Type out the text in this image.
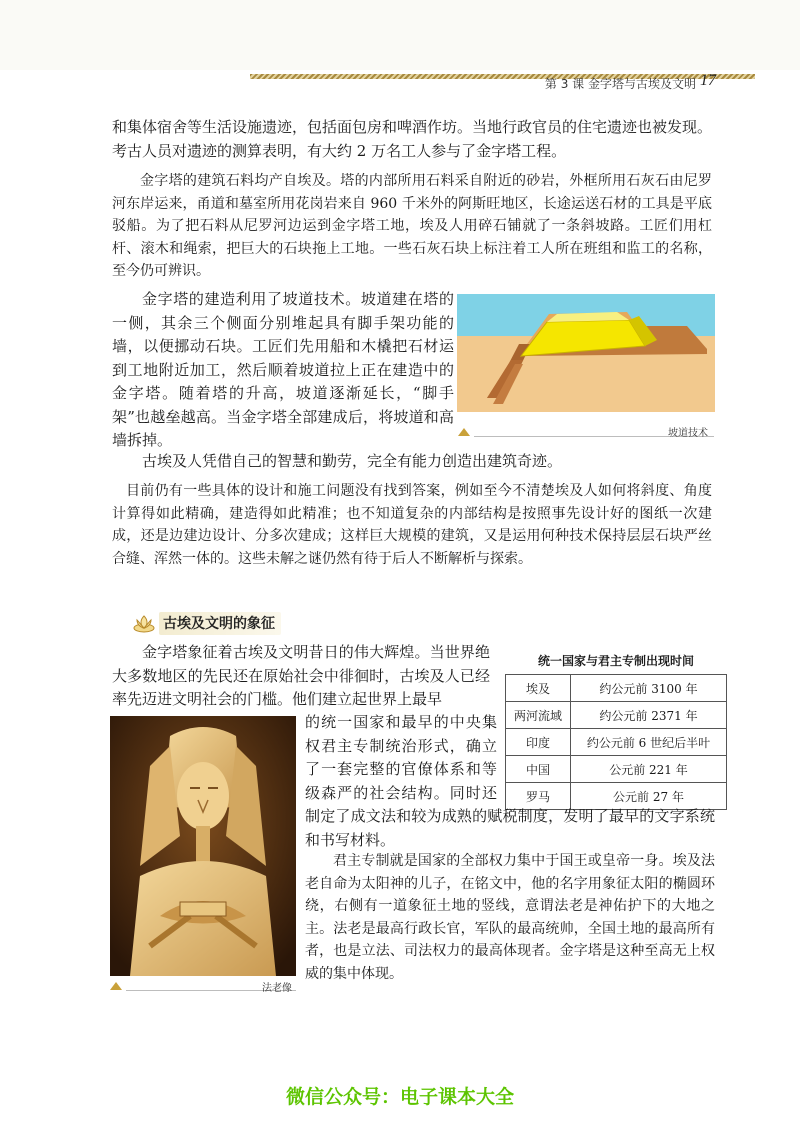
第 3 课 金字塔与古埃及文明 17

和集体宿舍等生活设施遗迹，包括面包房和啤酒作坊。当地行政官员的住宅遗迹也被发现。考古人员对遗迹的测算表明，有大约 2 万名工人参与了金字塔工程。

金字塔的建筑石料均产自埃及。塔的内部所用石料采自附近的砂岩，外框所用石灰石由尼罗河东岸运来，甬道和墓室所用花岗岩来自 960 千米外的阿斯旺地区，长途运送石材的工具是平底驳船。为了把石料从尼罗河边运到金字塔工地，埃及人用碎石铺就了一条斜坡路。工匠们用杠杆、滚木和绳索，把巨大的石块拖上工地。一些石灰石块上标注着工人所在班组和监工的名称，至今仍可辨识。

金字塔的建造利用了坡道技术。坡道建在塔的一侧，其余三个侧面分别堆起具有脚手架功能的墙，以便挪动石块。工匠们先用船和木橇把石材运到工地附近加工，然后顺着坡道拉上正在建造中的金字塔。随着塔的升高，坡道逐渐延长，“脚手架”也越垒越高。当金字塔全部建成后，将坡道和高墙拆掉。	坡道技术

古埃及人凭借自己的智慧和勤劳，完全有能力创造出建筑奇迹。

目前仍有一些具体的设计和施工问题没有找到答案，例如至今不清楚埃及人如何将斜度、角度计算得如此精确，建造得如此精准；也不知道复杂的内部结构是按照事先设计好的图纸一次建成，还是边建边设计、分多次建成；这样巨大规模的建筑，又是运用何种技术保持层层石块严丝合缝、浑然一体的。这些未解之谜仍然有待于后人不断解析与探索。

古埃及文明的象征

金字塔象征着古埃及文明昔日的伟大辉煌。当世界绝大多数地区的先民还在原始社会中徘徊时，古埃及人已经率先迈进文明社会的门槛。他们建立起世界上最早

统一国家与君主专制出现时间
埃及	约公元前 3100 年
两河流域	约公元前 2371 年
印度	约公元前 6 世纪后半叶
中国	公元前 221 年
罗马	公元前 27 年
法老像

的统一国家和最早的中央集权君主专制统治形式，确立了一套完整的官僚体系和等级森严的社会结构。同时还制定了成文法和较为成熟的赋税制度，发明了最早的文字系统和书写材料。

君主专制就是国家的全部权力集中于国王或皇帝一身。埃及法老自命为太阳神的儿子，在铭文中，他的名字用象征太阳的椭圆环绕，右侧有一道象征土地的竖线，意谓法老是神佑护下的大地之主。法老是最高行政长官，军队的最高统帅，全国土地的最高所有者，也是立法、司法权力的最高体现者。金字塔是这种至高无上权威的集中体现。

微信公众号：电子课本大全
